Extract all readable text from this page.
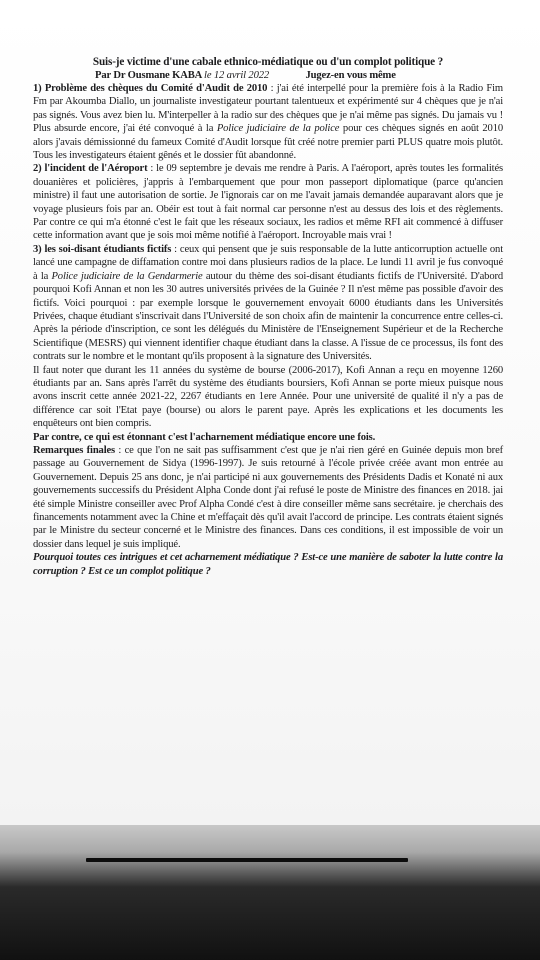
Suis-je victime d'une cabale ethnico-médiatique ou d'un complot politique ?
Par Dr Ousmane KABA le 12 avril 2022	Jugez-en vous même

1) Problème des chèques du Comité d'Audit de 2010 : j'ai été interpellé pour la première fois à la Radio Fim Fm par Akoumba Diallo, un journaliste investigateur pourtant talentueux et expérimenté sur 4 chèques que je n'ai pas signés. Vous avez bien lu. M'interpeller à la radio sur des chèques que je n'ai même pas signés. Du jamais vu ! Plus absurde encore, j'ai été convoqué à la Police judiciaire de la police pour ces chèques signés en août 2010 alors j'avais démissionné du fameux Comité d'Audit lorsque fût créé notre premier parti PLUS quatre mois plutôt. Tous les investigateurs étaient gênés et le dossier fût abandonné.

2) l'incident de l'Aéroport : le 09 septembre je devais me rendre à Paris. A l'aéroport, après toutes les formalités douanières et policières, j'appris à l'embarquement que pour mon passeport diplomatique (parce qu'ancien ministre) il faut une autorisation de sortie. Je l'ignorais car on me l'avait jamais demandée auparavant alors que je voyage plusieurs fois par an. Obéir est tout à fait normal car personne n'est au dessus des lois et des règlements. Par contre ce qui m'a étonné c'est le fait que les réseaux sociaux, les radios et même RFI ait commencé à diffuser cette information avant que je sois moi même notifié à l'aéroport. Incroyable mais vrai !

3) les soi-disant étudiants fictifs : ceux qui pensent que je suis responsable de la lutte anticorruption actuelle ont lancé une campagne de diffamation contre moi dans plusieurs radios de la place. Le lundi 11 avril je fus convoqué à la Police judiciaire de la Gendarmerie autour du thème des soi-disant étudiants fictifs de l'Université. D'abord pourquoi Kofi Annan et non les 30 autres universités privées de la Guinée ? Il n'est même pas possible d'avoir des fictifs. Voici pourquoi : par exemple lorsque le gouvernement envoyait 6000 étudiants dans les Universités Privées, chaque étudiant s'inscrivait dans l'Université de son choix afin de maintenir la concurrence entre celles-ci. Après la période d'inscription, ce sont les délégués du Ministère de l'Enseignement Supérieur et de la Recherche Scientifique (MESRS) qui viennent identifier chaque étudiant dans la classe. A l'issue de ce processus, ils font des contrats sur le nombre et le montant qu'ils proposent à la signature des Universités.

Il faut noter que durant les 11 années du système de bourse (2006-2017), Kofi Annan a reçu en moyenne 1260 étudiants par an. Sans après l'arrêt du système des étudiants boursiers, Kofi Annan se porte mieux puisque nous avons inscrit cette année 2021-22, 2267 étudiants en 1ere Année. Pour une université de qualité il n'y a pas de différence car soit l'Etat paye (bourse) ou alors le parent paye. Après les explications et les documents les enquêteurs ont bien compris.

Par contre, ce qui est étonnant c'est l'acharnement médiatique encore une fois.

Remarques finales : ce que l'on ne sait pas suffisamment c'est que je n'ai rien géré en Guinée depuis mon bref passage au Gouvernement de Sidya (1996-1997). Je suis retourné à l'école privée créée avant mon entrée au Gouvernement. Depuis 25 ans donc, je n'ai participé ni aux gouvernements des Présidents Dadis et Konaté ni aux gouvernements successifs du Président Alpha Conde dont j'ai refusé le poste de Ministre des finances en 2018. jai été simple Ministre conseiller avec Prof Alpha Condé c'est à dire conseiller même sans secrétaire. je cherchais des financements notamment avec la Chine et m'effaçait dès qu'il avait l'accord de principe. Les contrats étaient signés par le Ministre du secteur concerné et le Ministre des finances. Dans ces conditions, il est impossible de voir un dossier dans lequel je suis impliqué.

Pourquoi toutes ces intrigues et cet acharnement médiatique ? Est-ce une manière de saboter la lutte contre la corruption ? Est ce un complot politique ?
